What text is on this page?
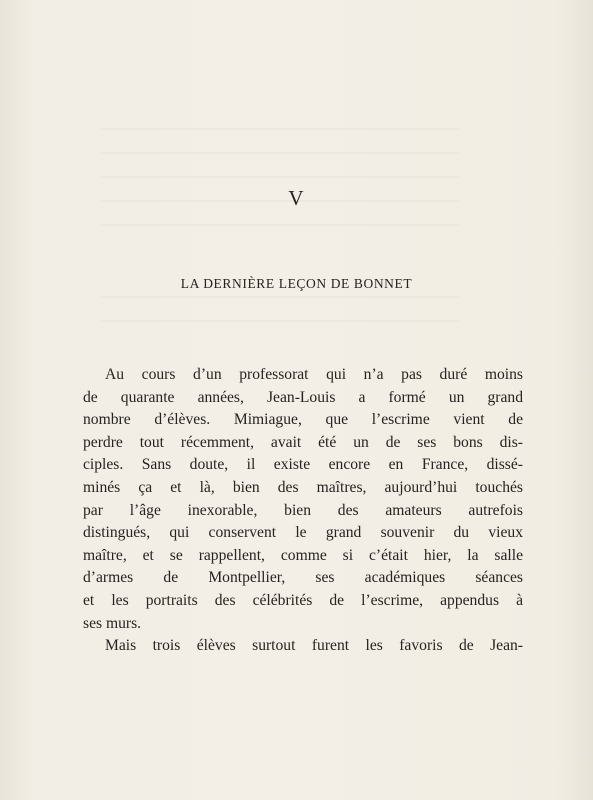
V
LA DERNIÈRE LEÇON DE BONNET
Au cours d’un professorat qui n’a pas duré moins
de quarante années, Jean-Louis a formé un grand
nombre d’élèves. Mimiague, que l’escrime vient de
perdre tout récemment, avait été un de ses bons dis-
ciples. Sans doute, il existe encore en France, dissé-
minés ça et là, bien des maîtres, aujourd’hui touchés
par l’âge inexorable, bien des amateurs autrefois
distingués, qui conservent le grand souvenir du vieux
maître, et se rappellent, comme si c’était hier, la salle
d’armes de Montpellier, ses académiques séances
et les portraits des célébrités de l’escrime, appendus à
ses murs.
Mais trois élèves surtout furent les favoris de Jean-
